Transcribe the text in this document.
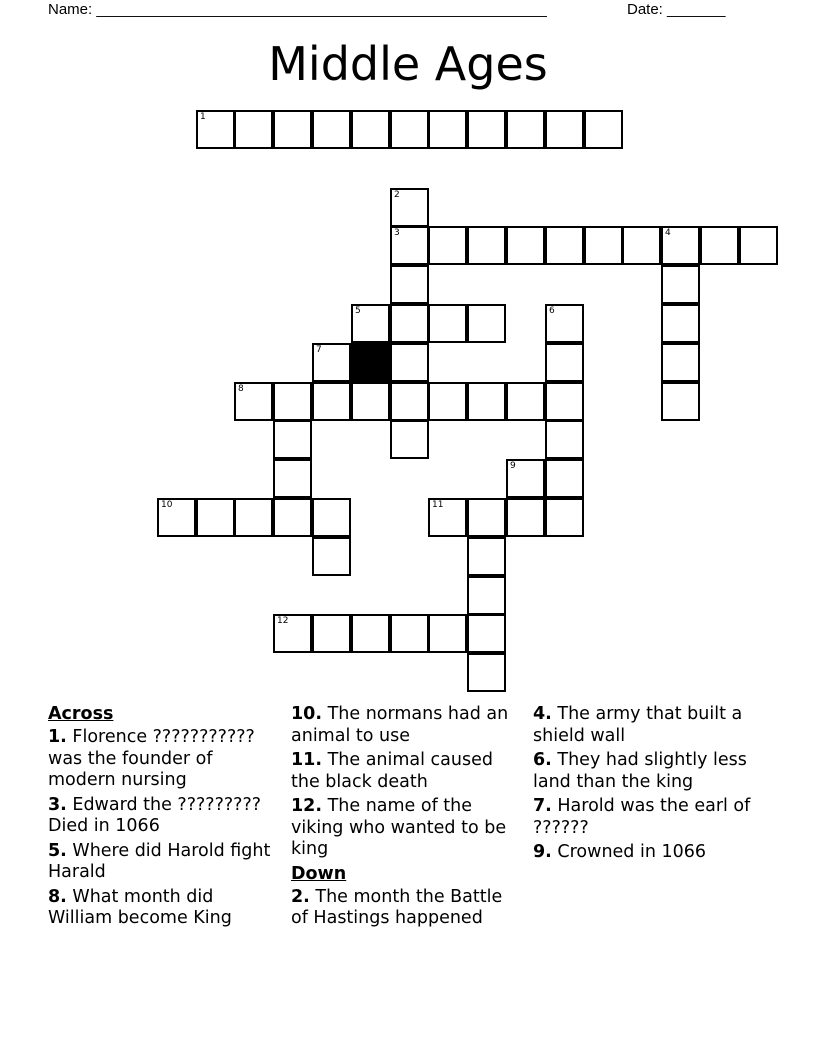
Name: ______________________________________________________	Date: _______
Middle Ages
1
2
3	4
5	6
7
8
9
10	11
12
Across
1. Florence ??????????? was the founder of modern nursing
3. Edward the ????????? Died in 1066
5. Where did Harold fight Harald
8. What month did William become King
10. The normans had an animal to use
11. The animal caused the black death
12. The name of the viking who wanted to be king
Down
2. The month the Battle of Hastings happened
4. The army that built a shield wall
6. They had slightly less land than the king
7. Harold was the earl of ??????
9. Crowned in 1066
